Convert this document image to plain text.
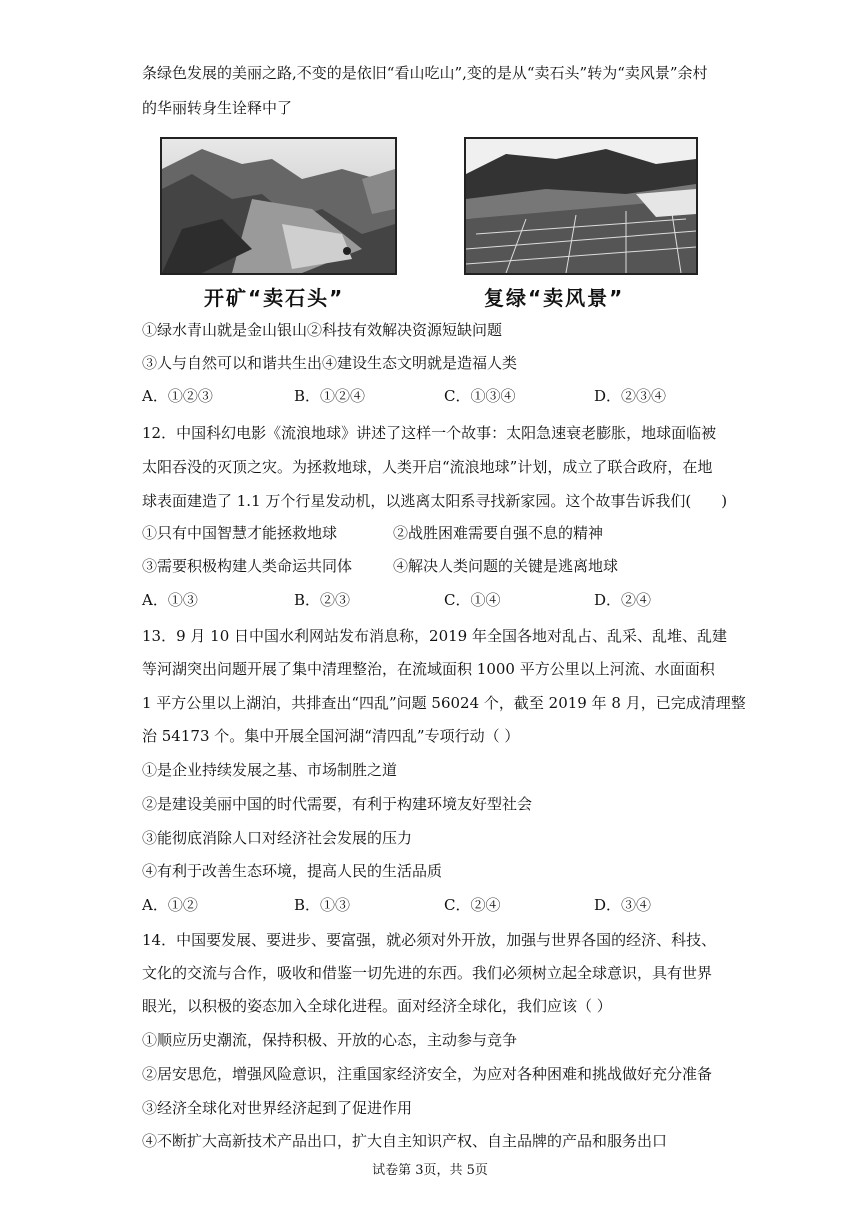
条绿色发展的美丽之路,不变的是依旧“看山吃山”,变的是从“卖石头”转为“卖风景”余村
的华丽转身生诠释中了
开矿“卖石头”	复绿“卖风景”
①绿水青山就是金山银山②科技有效解决资源短缺问题
③人与自然可以和谐共生出④建设生态文明就是造福人类
A．①②③	B．①②④	C．①③④	D．②③④
12．中国科幻电影《流浪地球》讲述了这样一个故事：太阳急速衰老膨胀，地球面临被
太阳吞没的灭顶之灾。为拯救地球，人类开启“流浪地球”计划，成立了联合政府，在地
球表面建造了 1.1 万个行星发动机，以逃离太阳系寻找新家园。这个故事告诉我们(　　)
①只有中国智慧才能拯救地球	②战胜困难需要自强不息的精神
③需要积极构建人类命运共同体	④解决人类问题的关键是逃离地球
A．①③	B．②③	C．①④	D．②④
13．9 月 10 日中国水利网站发布消息称，2019 年全国各地对乱占、乱采、乱堆、乱建
等河湖突出问题开展了集中清理整治，在流域面积 1000 平方公里以上河流、水面面积
1 平方公里以上湖泊，共排查出“四乱”问题 56024 个，截至 2019 年 8 月，已完成清理整
治 54173 个。集中开展全国河湖“清四乱”专项行动（ ）
①是企业持续发展之基、市场制胜之道
②是建设美丽中国的时代需要，有利于构建环境友好型社会
③能彻底消除人口对经济社会发展的压力
④有利于改善生态环境，提高人民的生活品质
A．①②	B．①③	C．②④	D．③④
14．中国要发展、要进步、要富强，就必须对外开放，加强与世界各国的经济、科技、
文化的交流与合作，吸收和借鉴一切先进的东西。我们必须树立起全球意识，具有世界
眼光，以积极的姿态加入全球化进程。面对经济全球化，我们应该（ ）
①顺应历史潮流，保持积极、开放的心态，主动参与竞争
②居安思危，增强风险意识，注重国家经济安全，为应对各种困难和挑战做好充分准备
③经济全球化对世界经济起到了促进作用
④不断扩大高新技术产品出口，扩大自主知识产权、自主品牌的产品和服务出口
试卷第 3页，共 5页
